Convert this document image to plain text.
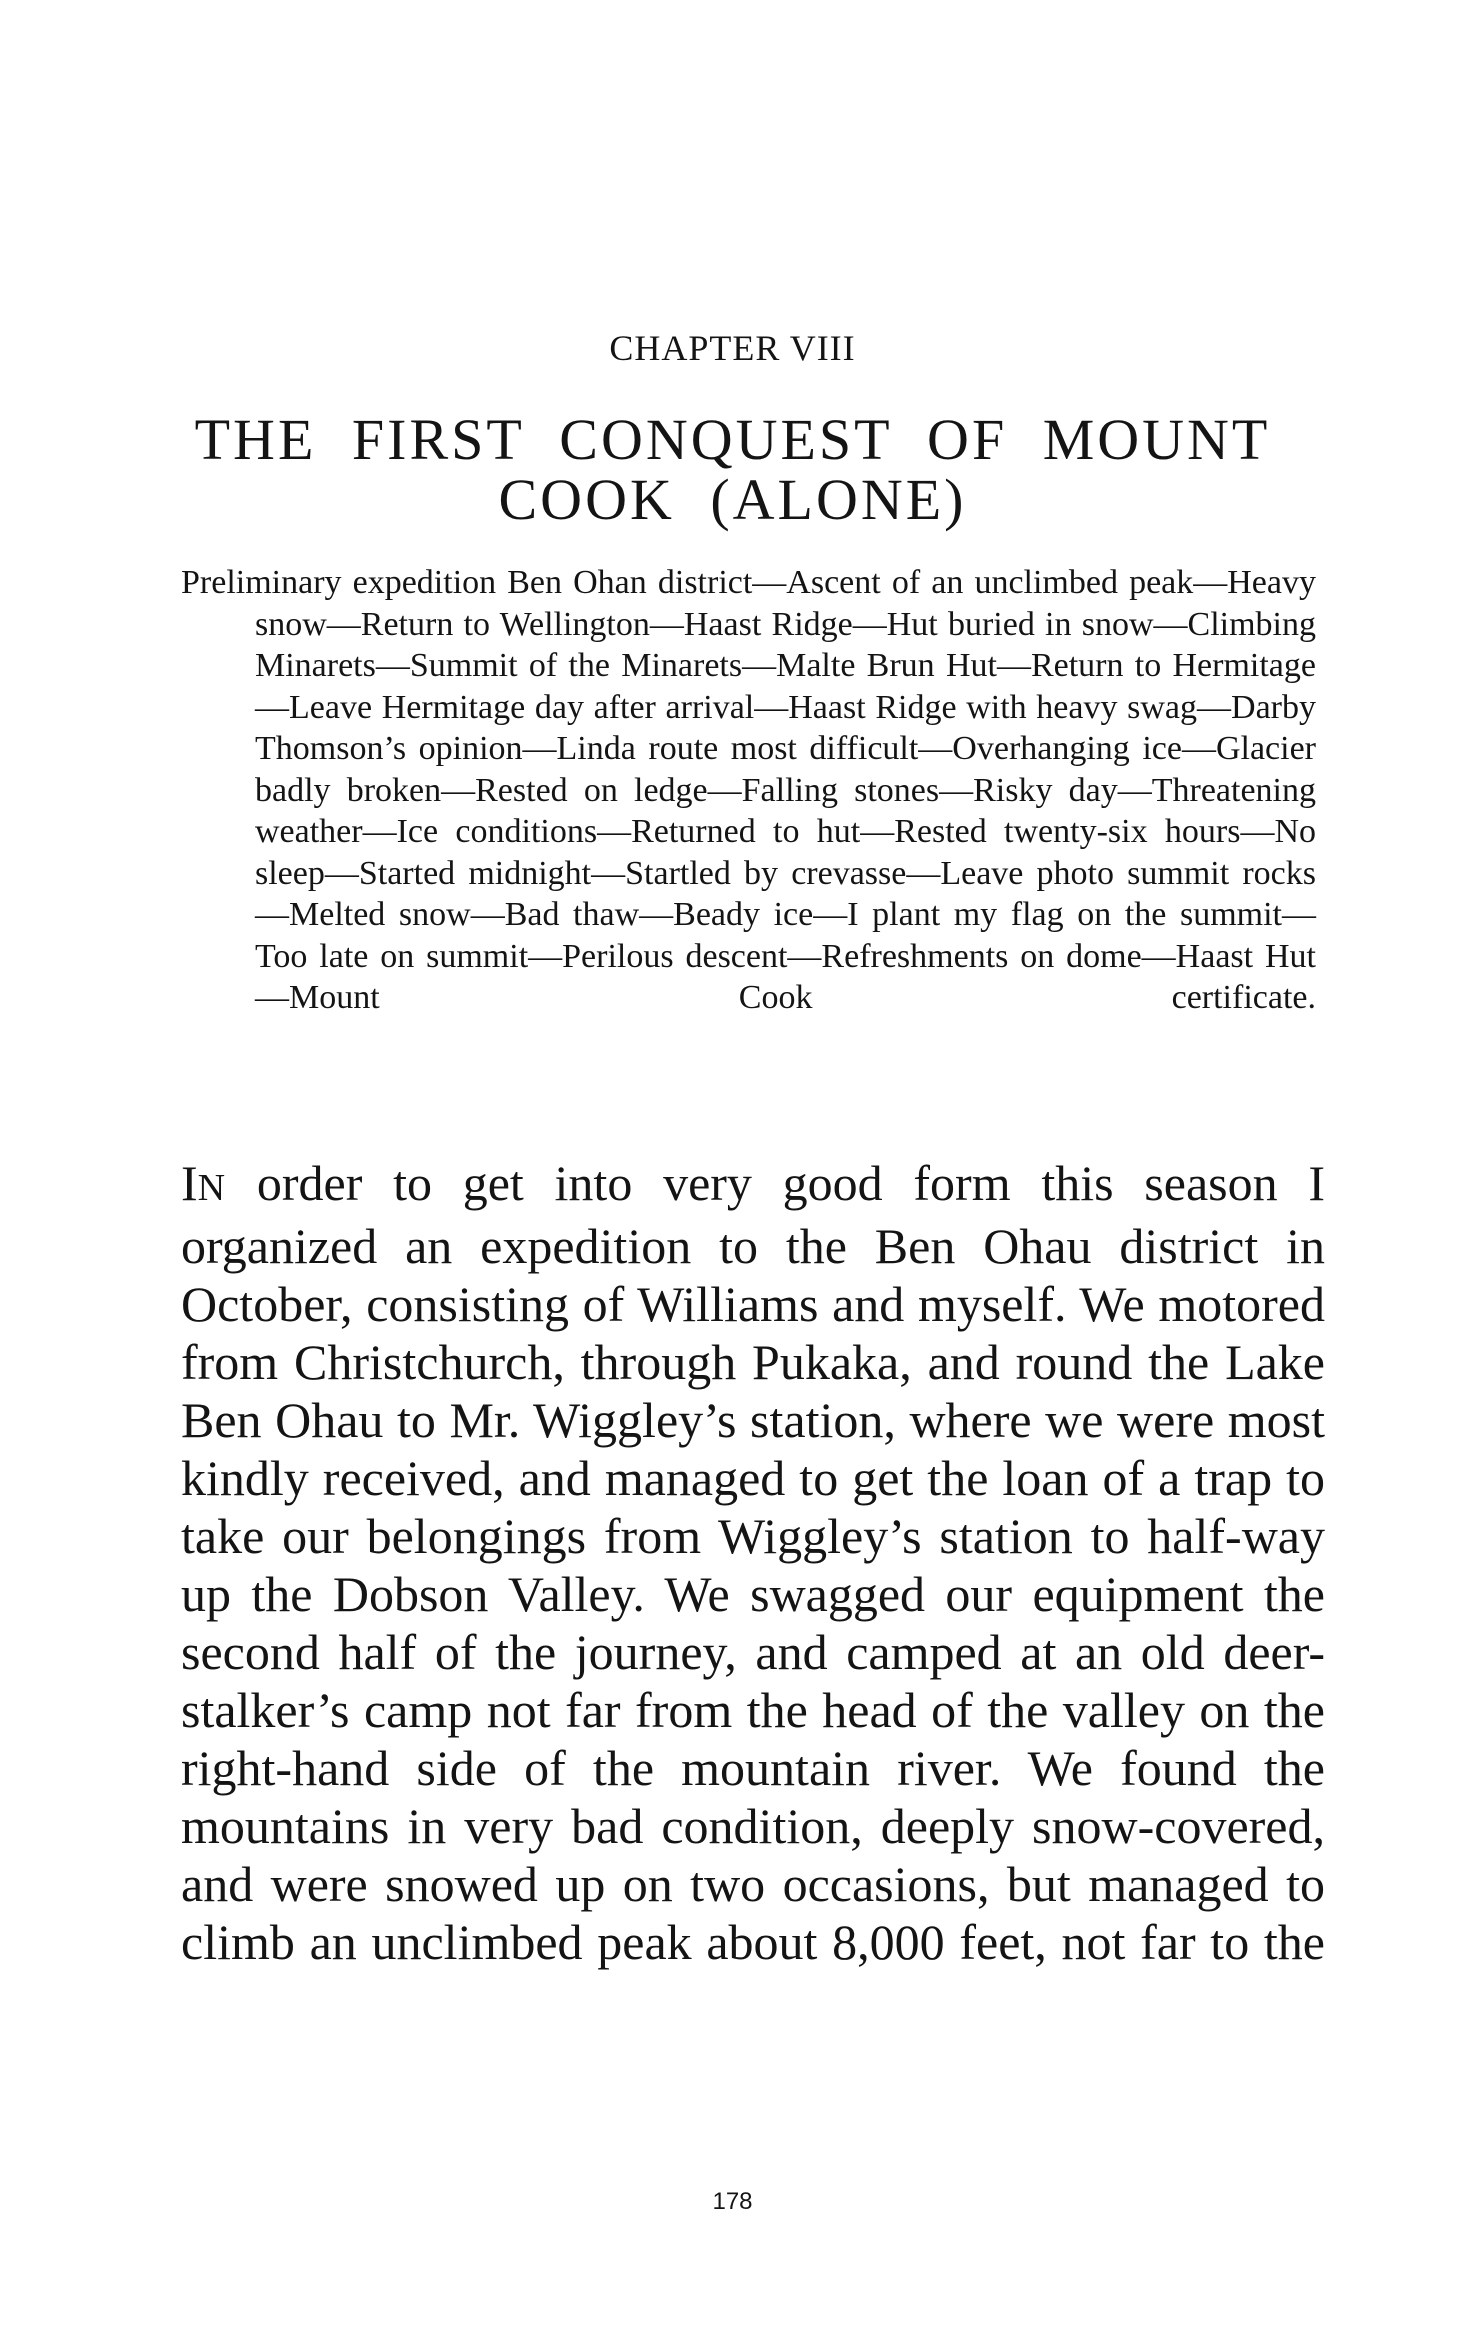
CHAPTER VIII
THE FIRST CONQUEST OF MOUNT
COOK (ALONE)
Preliminary expedition Ben Ohan district—Ascent of an unclimbed peak—Heavy snow—Return to Wellington—Haast Ridge—Hut buried in snow—Climbing Minarets—Summit of the Minarets—Malte Brun Hut—Return to Hermitage—Leave Hermitage day after arrival—Haast Ridge with heavy swag—Darby Thomson’s opinion—Linda route most difficult—Overhanging ice—Glacier badly broken—Rested on ledge—Falling stones—Risky day—Threatening weather—Ice conditions—Returned to hut—Rested twenty-six hours—No sleep—Started midnight—Startled by crevasse—Leave photo summit rocks—Melted snow—Bad thaw—Beady ice—I plant my flag on the summit—Too late on summit—Perilous descent—Refreshments on dome—Haast Hut—Mount Cook certificate.

IN order to get into very good form this season I organized an expedition to the Ben Ohau district in October, consisting of Williams and myself. We motored from Christchurch, through Pukaka, and round the Lake Ben Ohau to Mr. Wiggley’s station, where we were most kindly received, and managed to get the loan of a trap to take our belongings from Wiggley’s station to half-way up the Dobson Valley. We swagged our equipment the second half of the journey, and camped at an old deer-stalker’s camp not far from the head of the valley on the right-hand side of the mountain river. We found the mountains in very bad condition, deeply snow-covered, and were snowed up on two occasions, but managed to climb an unclimbed peak about 8,000 feet, not far to the

178
